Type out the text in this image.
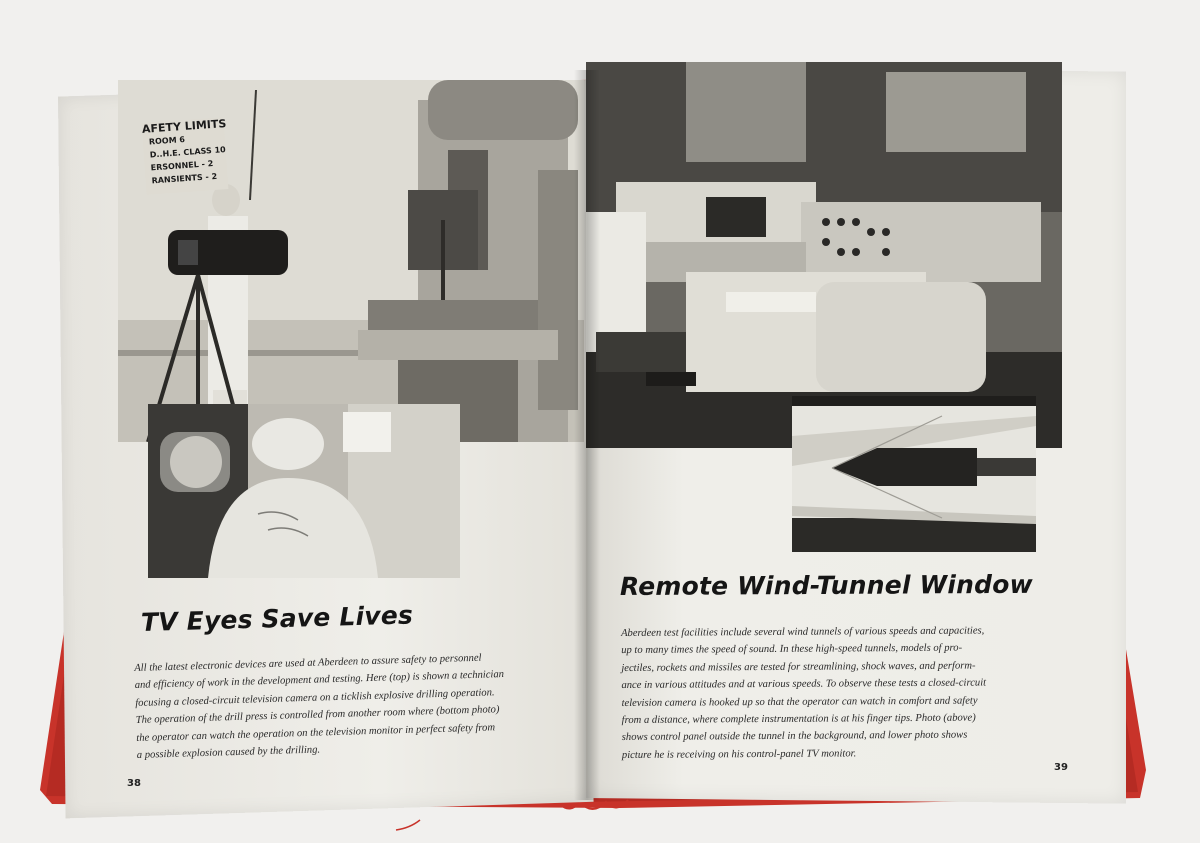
AFETY LIMITS
ROOM 6
D..H.E. CLASS 10
ERSONNEL - 2
RANSIENTS - 2
TV Eyes Save Lives

All the latest electronic devices are used at Aberdeen to assure safety to personnel
and efficiency of work in the development and testing. Here (top) is shown a technician
focusing a closed-circuit television camera on a ticklish explosive drilling operation.
The operation of the drill press is controlled from another room where (bottom photo)
the operator can watch the operation on the television monitor in perfect safety from
a possible explosion caused by the drilling.

38

Remote Wind-Tunnel Window

Aberdeen test facilities include several wind tunnels of various speeds and capacities,
up to many times the speed of sound. In these high-speed tunnels, models of pro-
jectiles, rockets and missiles are tested for streamlining, shock waves, and perform-
ance in various attitudes and at various speeds. To observe these tests a closed-circuit
television camera is hooked up so that the operator can watch in comfort and safety
from a distance, where complete instrumentation is at his finger tips. Photo (above)
shows control panel outside the tunnel in the background, and lower photo shows
picture he is receiving on his control-panel TV monitor.

39
